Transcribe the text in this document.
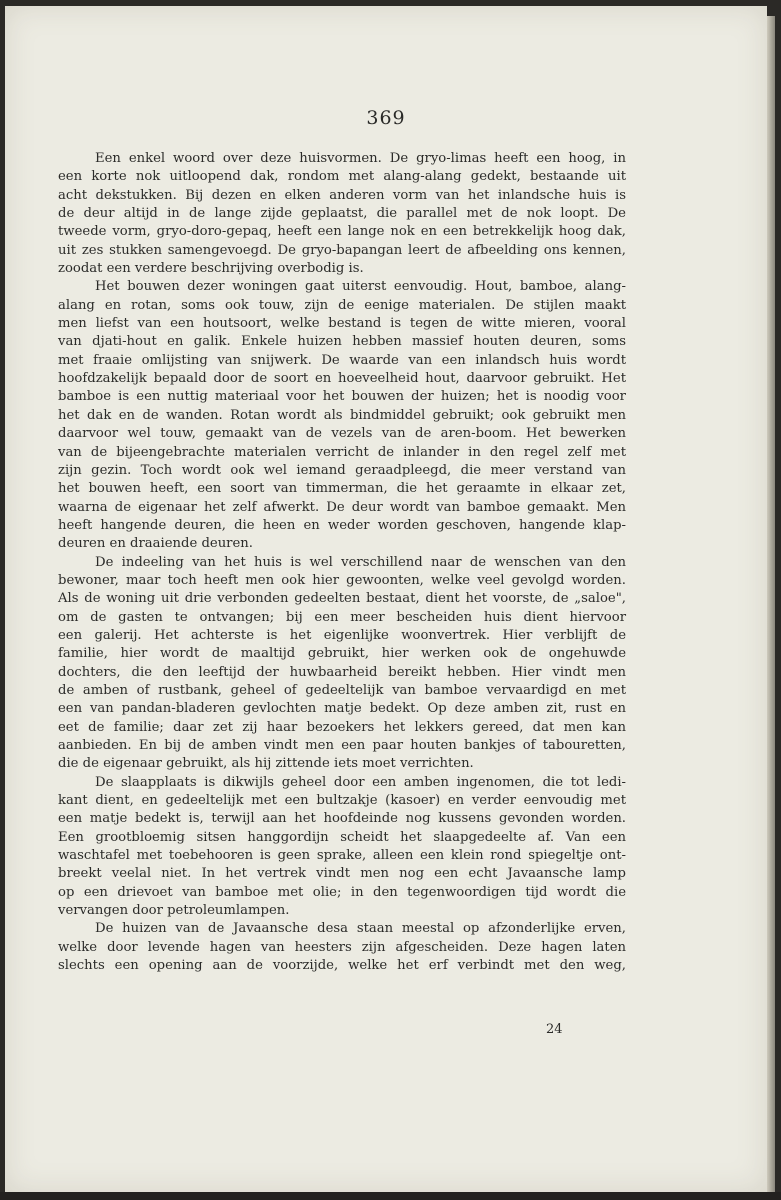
369
Een enkel woord over deze huisvormen. De gryo-limas heeft een hoog, in
een korte nok uitloopend dak, rondom met alang-alang gedekt, bestaande uit
acht dekstukken. Bij dezen en elken anderen vorm van het inlandsche huis is
de deur altijd in de lange zijde geplaatst, die parallel met de nok loopt. De
tweede vorm, gryo-doro-gepaq, heeft een lange nok en een betrekkelijk hoog dak,
uit zes stukken samengevoegd. De gryo-bapangan leert de afbeelding ons kennen,
zoodat een verdere beschrijving overbodig is.
Het bouwen dezer woningen gaat uiterst eenvoudig. Hout, bamboe, alang-
alang en rotan, soms ook touw, zijn de eenige materialen. De stijlen maakt
men liefst van een houtsoort, welke bestand is tegen de witte mieren, vooral
van djati-hout en galik. Enkele huizen hebben massief houten deuren, soms
met fraaie omlijsting van snijwerk. De waarde van een inlandsch huis wordt
hoofdzakelijk bepaald door de soort en hoeveelheid hout, daarvoor gebruikt. Het
bamboe is een nuttig materiaal voor het bouwen der huizen; het is noodig voor
het dak en de wanden. Rotan wordt als bindmiddel gebruikt; ook gebruikt men
daarvoor wel touw, gemaakt van de vezels van de aren-boom. Het bewerken
van de bijeengebrachte materialen verricht de inlander in den regel zelf met
zijn gezin. Toch wordt ook wel iemand geraadpleegd, die meer verstand van
het bouwen heeft, een soort van timmerman, die het geraamte in elkaar zet,
waarna de eigenaar het zelf afwerkt. De deur wordt van bamboe gemaakt. Men
heeft hangende deuren, die heen en weder worden geschoven, hangende klap-
deuren en draaiende deuren.
De indeeling van het huis is wel verschillend naar de wenschen van den
bewoner, maar toch heeft men ook hier gewoonten, welke veel gevolgd worden.
Als de woning uit drie verbonden gedeelten bestaat, dient het voorste, de „saloe",
om de gasten te ontvangen; bij een meer bescheiden huis dient hiervoor
een galerij. Het achterste is het eigenlijke woonvertrek. Hier verblijft de
familie, hier wordt de maaltijd gebruikt, hier werken ook de ongehuwde
dochters, die den leeftijd der huwbaarheid bereikt hebben. Hier vindt men
de amben of rustbank, geheel of gedeeltelijk van bamboe vervaardigd en met
een van pandan-bladeren gevlochten matje bedekt. Op deze amben zit, rust en
eet de familie; daar zet zij haar bezoekers het lekkers gereed, dat men kan
aanbieden. En bij de amben vindt men een paar houten bankjes of tabouretten,
die de eigenaar gebruikt, als hij zittende iets moet verrichten.
De slaapplaats is dikwijls geheel door een amben ingenomen, die tot ledi-
kant dient, en gedeeltelijk met een bultzakje (kasoer) en verder eenvoudig met
een matje bedekt is, terwijl aan het hoofdeinde nog kussens gevonden worden.
Een grootbloemig sitsen hanggordijn scheidt het slaapgedeelte af. Van een
waschtafel met toebehooren is geen sprake, alleen een klein rond spiegeltje ont-
breekt veelal niet. In het vertrek vindt men nog een echt Javaansche lamp
op een drievoet van bamboe met olie; in den tegenwoordigen tijd wordt die
vervangen door petroleumlampen.
De huizen van de Javaansche desa staan meestal op afzonderlijke erven,
welke door levende hagen van heesters zijn afgescheiden. Deze hagen laten
slechts een opening aan de voorzijde, welke het erf verbindt met den weg,
24
